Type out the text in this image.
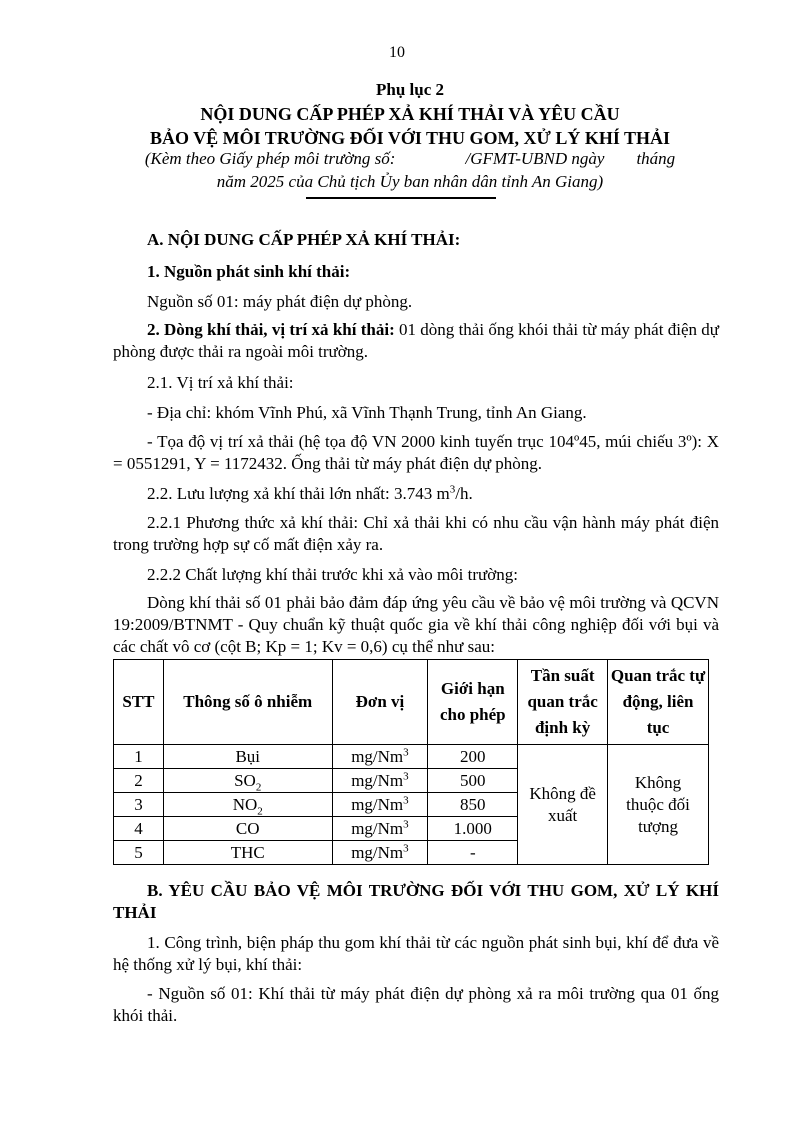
10
Phụ lục 2
NỘI DUNG CẤP PHÉP XẢ KHÍ THẢI VÀ YÊU CẦU
BẢO VỆ MÔI TRƯỜNG ĐỐI VỚI THU GOM, XỬ LÝ KHÍ THẢI
(Kèm theo Giấy phép môi trường số:	/GFMT-UBND ngày tháng
năm 2025 của Chủ tịch Ủy ban nhân dân tỉnh An Giang)
A. NỘI DUNG CẤP PHÉP XẢ KHÍ THẢI:
1. Nguồn phát sinh khí thải:
Nguồn số 01: máy phát điện dự phòng.
2. Dòng khí thải, vị trí xả khí thải: 01 dòng thải ống khói thải từ máy phát điện dự phòng được thải ra ngoài môi trường.
2.1. Vị trí xả khí thải:
- Địa chỉ: khóm Vĩnh Phú, xã Vĩnh Thạnh Trung, tỉnh An Giang.
- Tọa độ vị trí xả thải (hệ tọa độ VN 2000 kinh tuyến trục 104º45, múi chiếu 3º): X = 0551291, Y = 1172432. Ống thải từ máy phát điện dự phòng.
2.2. Lưu lượng xả khí thải lớn nhất: 3.743 $m^3/h$.
2.2.1 Phương thức xả khí thải: Chỉ xả thải khi có nhu cầu vận hành máy phát điện trong trường hợp sự cố mất điện xảy ra.
2.2.2 Chất lượng khí thải trước khi xả vào môi trường:
Dòng khí thải số 01 phải bảo đảm đáp ứng yêu cầu về bảo vệ môi trường và QCVN 19:2009/BTNMT - Quy chuẩn kỹ thuật quốc gia về khí thải công nghiệp đối với bụi và các chất vô cơ (cột B; Kp = 1; Kv = 0,6) cụ thể như sau:
STT	Thông số ô nhiễm	Đơn vị	Giới hạn cho phép	Tần suất quan trắc định kỳ	Quan trắc tự động, liên tục
1	Bụi	mg/Nm$^3$	200	Không đề xuất	Không thuộc đối tượng
2	$SO_2$	mg/Nm$^3$	500		
3	$NO_2$	mg/Nm$^3$	850		
4	CO	mg/Nm$^3$	1.000		
5	THC	mg/Nm$^3$	-		
B. YÊU CẦU BẢO VỆ MÔI TRƯỜNG ĐỐI VỚI THU GOM, XỬ LÝ KHÍ THẢI
1. Công trình, biện pháp thu gom khí thải từ các nguồn phát sinh bụi, khí để đưa về hệ thống xử lý bụi, khí thải:
- Nguồn số 01: Khí thải từ máy phát điện dự phòng xả ra môi trường qua 01 ống khói thải.
